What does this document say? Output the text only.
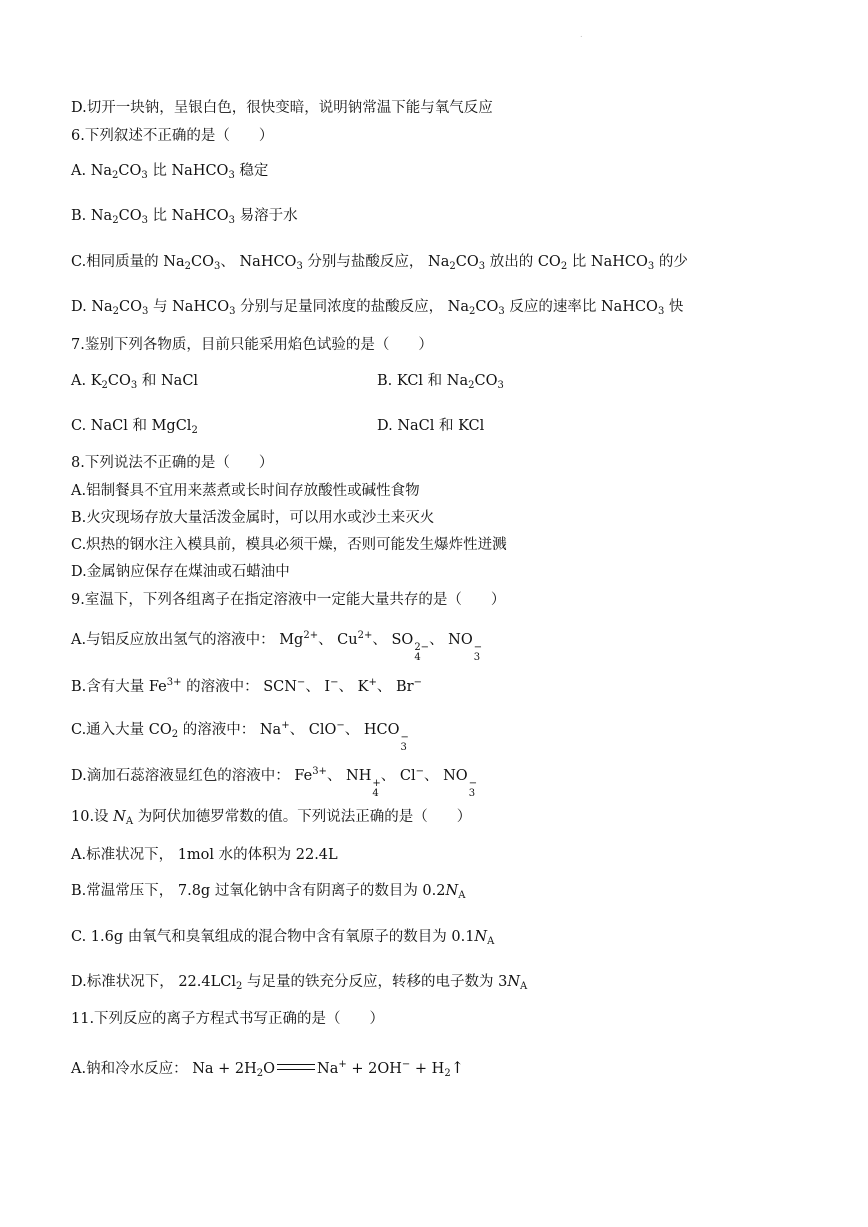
.
D.切开一块钠，呈银白色，很快变暗，说明钠常温下能与氧气反应
6.下列叙述不正确的是（　　）
A. $Na_2CO_3$ 比 NaHCO$_3$ 稳定
B. $Na_2CO_3$ 比 NaHCO$_3$ 易溶于水
C.相同质量的 $Na_2CO_3$、 NaHCO$_3$ 分别与盐酸反应， $Na_2CO_3$ 放出的 $CO_2$ 比 NaHCO$_3$ 的少
D. $Na_2CO_3$ 与 NaHCO$_3$ 分别与足量同浓度的盐酸反应， $Na_2CO_3$ 反应的速率比 NaHCO$_3$ 快
7.鉴别下列各物质，目前只能采用焰色试验的是（　　）
A. $K_2CO_3$ 和 NaCl	B. KCl 和 $Na_2CO_3$
C. NaCl 和 MgCl$_2$	D. NaCl 和 KCl
8.下列说法不正确的是（　　）
A.铝制餐具不宜用来蒸煮或长时间存放酸性或碱性食物
B.火灾现场存放大量活泼金属时，可以用水或沙土来灭火
C.炽热的钢水注入模具前，模具必须干燥，否则可能发生爆炸性迸溅
D.金属钠应保存在煤油或石蜡油中
9.室温下，下列各组离子在指定溶液中一定能大量共存的是（　　）
A.与铝反应放出氢气的溶液中： $Mg^{2+}$、 $Cu^{2+}$、 SO 2−
4
、 NO −
3
B.含有大量 $Fe^{3+}$ 的溶液中： SCN−、 I−、 K+、 Br−
C.通入大量 $CO_2$ 的溶液中： Na+、 ClO−、 HCO −
3
D.滴加石蕊溶液显红色的溶液中： $Fe^{3+}$、 NH +
4
、 Cl−、 NO −
3
10.设 $N_A$ 为阿伏加德罗常数的值。下列说法正确的是（　　）
A.标准状况下， 1mol 水的体积为 22.4L
B.常温常压下， 7.8g 过氧化钠中含有阴离子的数目为 $0.2N_A$
C. 1.6g 由氧气和臭氧组成的混合物中含有氧原子的数目为 $0.1N_A$
D.标准状况下， 22.4LCl$_2$ 与足量的铁充分反应，转移的电子数为 $3N_A$
11.下列反应的离子方程式书写正确的是（　　）
A.钠和冷水反应： $Na + 2H_2O$	$Na^+ + 2OH^- + H_2↑$
